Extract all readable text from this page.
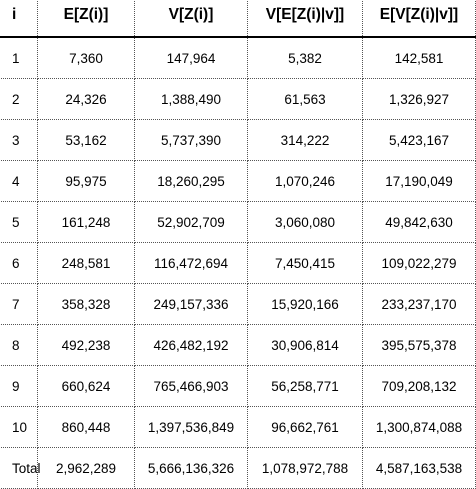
i	E[Z(i)]	V[Z(i)]	V[E[Z(i)|v]]	E[V[Z(i)|v]]
1	7,360	147,964	5,382	142,581
2	24,326	1,388,490	61,563	1,326,927
3	53,162	5,737,390	314,222	5,423,167
4	95,975	18,260,295	1,070,246	17,190,049
5	161,248	52,902,709	3,060,080	49,842,630
6	248,581	116,472,694	7,450,415	109,022,279
7	358,328	249,157,336	15,920,166	233,237,170
8	492,238	426,482,192	30,906,814	395,575,378
9	660,624	765,466,903	56,258,771	709,208,132
10	860,448	1,397,536,849	96,662,761	1,300,874,088
Total	2,962,289	5,666,136,326	1,078,972,788	4,587,163,538
